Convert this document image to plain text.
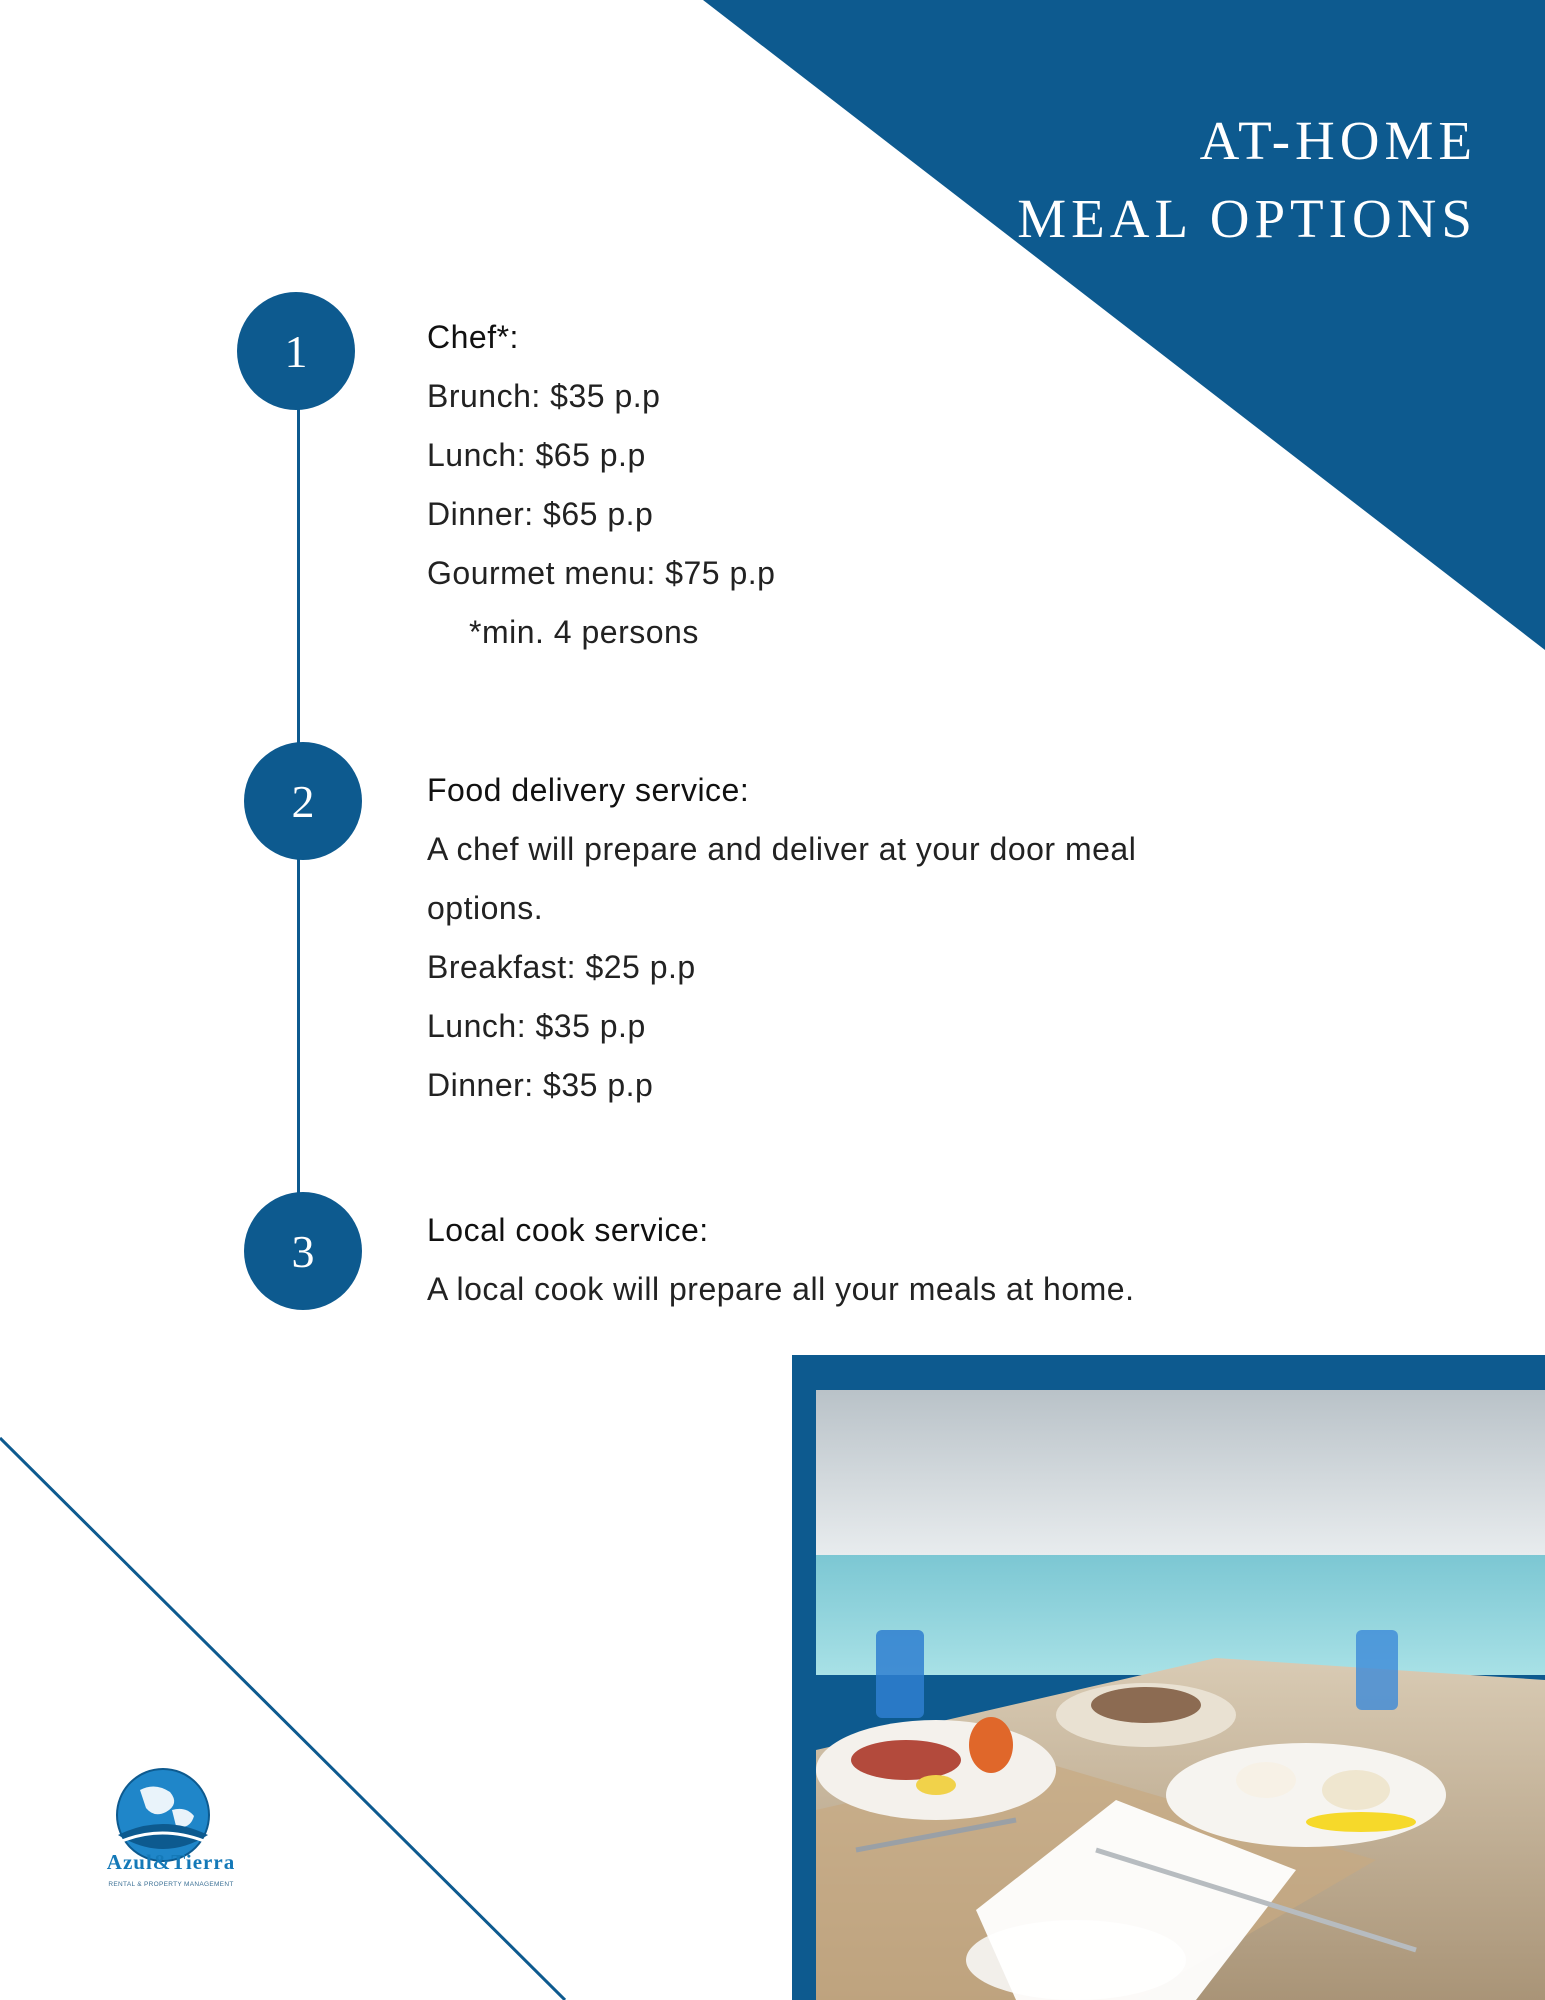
AT-HOME
MEAL OPTIONS
1
2
3
Chef*:
Brunch: $35 p.p
Lunch: $65 p.p
Dinner: $65 p.p
Gourmet menu: $75 p.p
*min. 4 persons
Food delivery service:
A chef will prepare and deliver at your door meal
options.
Breakfast: $25 p.p
Lunch: $35 p.p
Dinner: $35 p.p
Local cook service:
A local cook will prepare all your meals at home.
Azul&Tierra
RENTAL & PROPERTY MANAGEMENT
